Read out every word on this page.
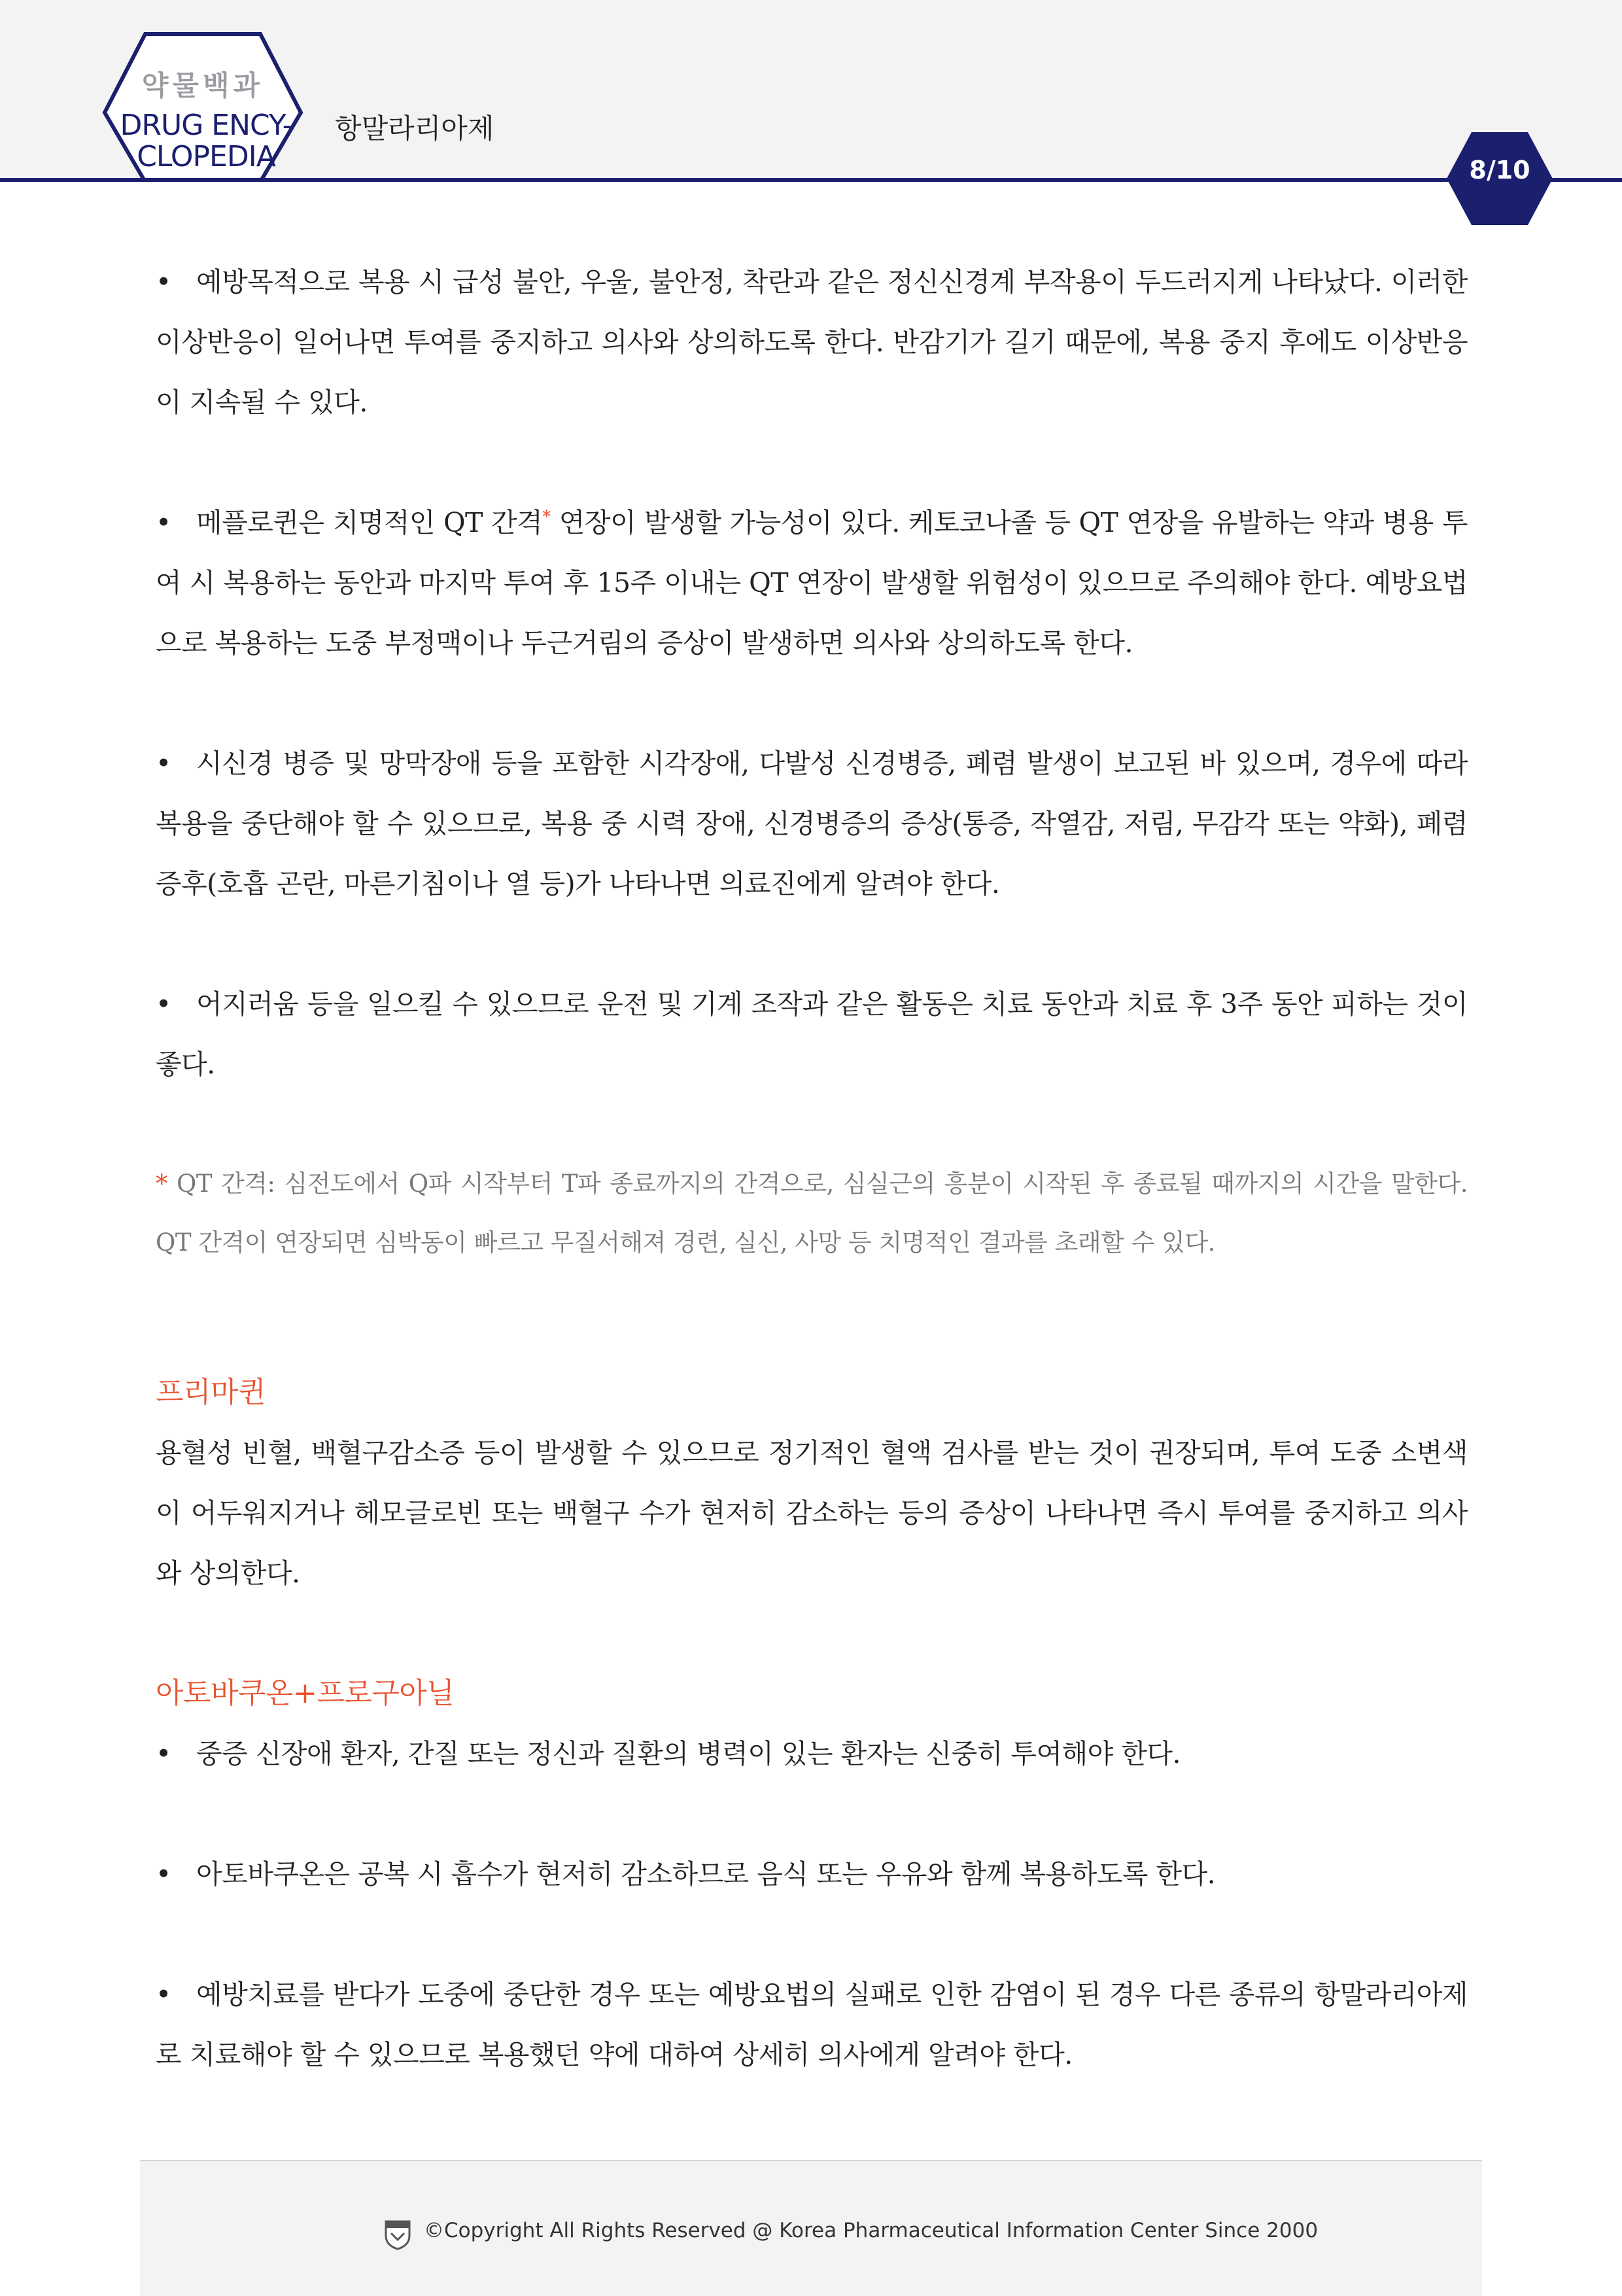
약물백과
DRUG ENCY-
CLOPEDIA
항말라리아제
8/10

• 예방목적으로 복용 시 급성 불안, 우울, 불안정, 착란과 같은 정신신경계 부작용이 두드러지게 나타났다. 이러한 이상반응이 일어나면 투여를 중지하고 의사와 상의하도록 한다. 반감기가 길기 때문에, 복용 중지 후에도 이상반응이 지속될 수 있다.

• 메플로퀸은 치명적인 QT 간격* 연장이 발생할 가능성이 있다. 케토코나졸 등 QT 연장을 유발하는 약과 병용 투여 시 복용하는 동안과 마지막 투여 후 15주 이내는 QT 연장이 발생할 위험성이 있으므로 주의해야 한다. 예방요법으로 복용하는 도중 부정맥이나 두근거림의 증상이 발생하면 의사와 상의하도록 한다.

• 시신경 병증 및 망막장애 등을 포함한 시각장애, 다발성 신경병증, 폐렴 발생이 보고된 바 있으며, 경우에 따라 복용을 중단해야 할 수 있으므로, 복용 중 시력 장애, 신경병증의 증상(통증, 작열감, 저림, 무감각 또는 약화), 폐렴 증후(호흡 곤란, 마른기침이나 열 등)가 나타나면 의료진에게 알려야 한다.

• 어지러움 등을 일으킬 수 있으므로 운전 및 기계 조작과 같은 활동은 치료 동안과 치료 후 3주 동안 피하는 것이 좋다.

* QT 간격: 심전도에서 Q파 시작부터 T파 종료까지의 간격으로, 심실근의 흥분이 시작된 후 종료될 때까지의 시간을 말한다. QT 간격이 연장되면 심박동이 빠르고 무질서해져 경련, 실신, 사망 등 치명적인 결과를 초래할 수 있다.

프리마퀸

용혈성 빈혈, 백혈구감소증 등이 발생할 수 있으므로 정기적인 혈액 검사를 받는 것이 권장되며, 투여 도중 소변색이 어두워지거나 헤모글로빈 또는 백혈구 수가 현저히 감소하는 등의 증상이 나타나면 즉시 투여를 중지하고 의사와 상의한다.

아토바쿠온+프로구아닐

• 중증 신장애 환자, 간질 또는 정신과 질환의 병력이 있는 환자는 신중히 투여해야 한다.

• 아토바쿠온은 공복 시 흡수가 현저히 감소하므로 음식 또는 우유와 함께 복용하도록 한다.

• 예방치료를 받다가 도중에 중단한 경우 또는 예방요법의 실패로 인한 감염이 된 경우 다른 종류의 항말라리아제로 치료해야 할 수 있으므로 복용했던 약에 대하여 상세히 의사에게 알려야 한다.

©Copyright All Rights Reserved @ Korea Pharmaceutical Information Center Since 2000
